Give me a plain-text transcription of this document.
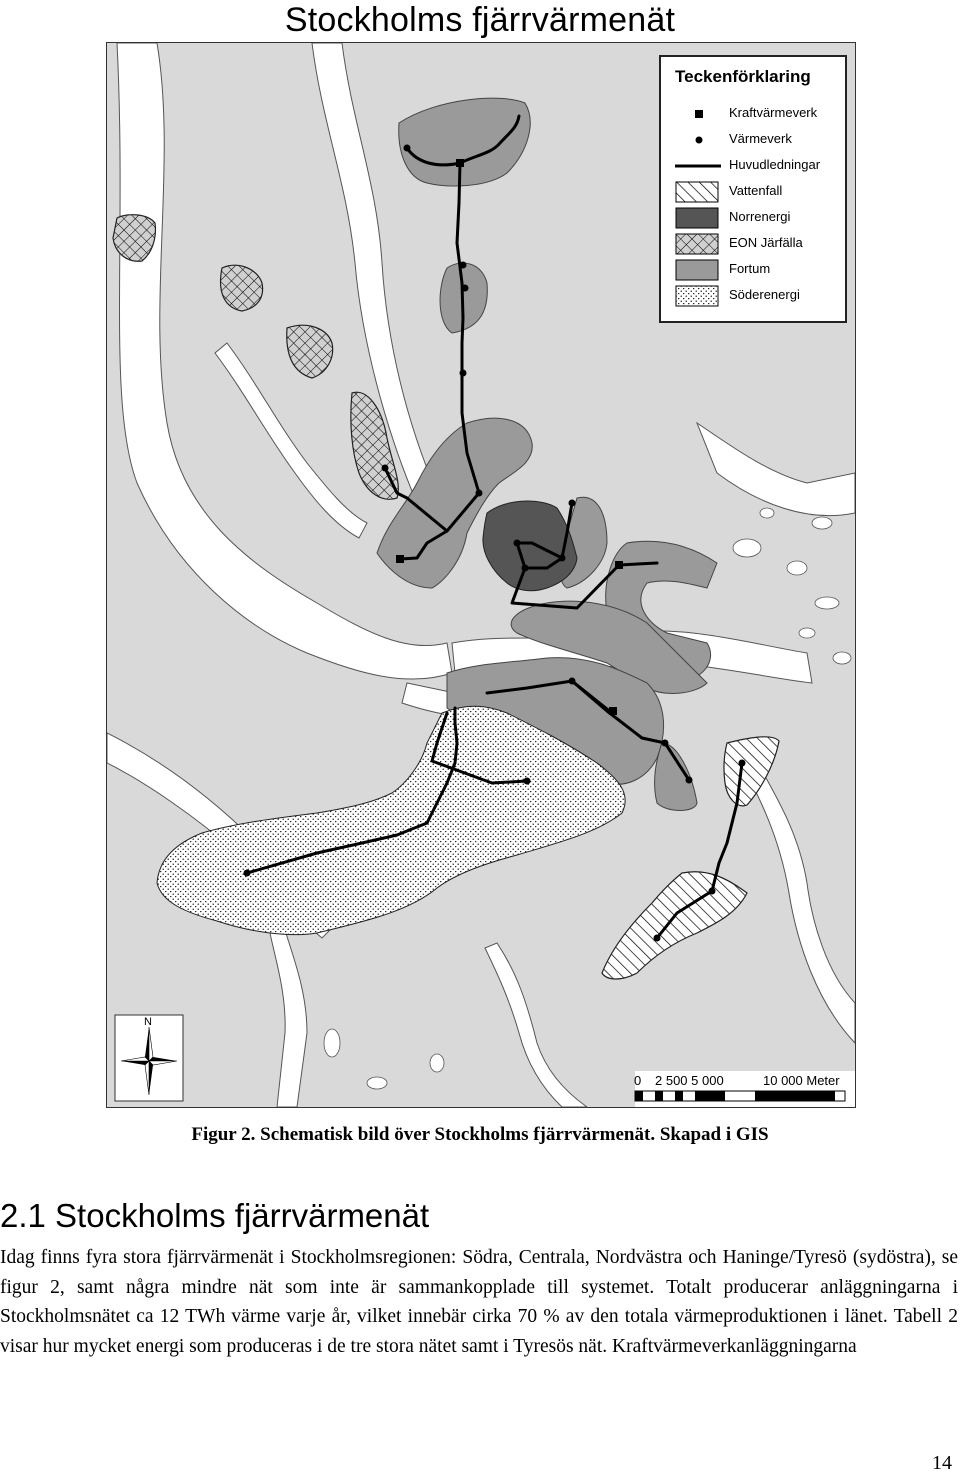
Stockholms fjärrvärmenät
0 2 500 5 000	10 000 Meter
N
Teckenförklaring
Kraftvärmeverk
Värmeverk
Huvudledningar
Vattenfall
Norrenergi
EON Järfälla
Fortum
Söderenergi
Figur 2. Schematisk bild över Stockholms fjärrvärmenät. Skapad i GIS
2.1 Stockholms fjärrvärmenät
Idag finns fyra stora fjärrvärmenät i Stockholmsregionen: Södra, Centrala, Nordvästra och Haninge/Tyresö (sydöstra), se figur 2, samt några mindre nät som inte är sammankopplade till systemet. Totalt producerar anläggningarna i Stockholmsnätet ca 12 TWh värme varje år, vilket innebär cirka 70 % av den totala värmeproduktionen i länet. Tabell 2 visar hur mycket energi som produceras i de tre stora nätet samt i Tyresös nät. Kraftvärmeverkanläggningarna
14
